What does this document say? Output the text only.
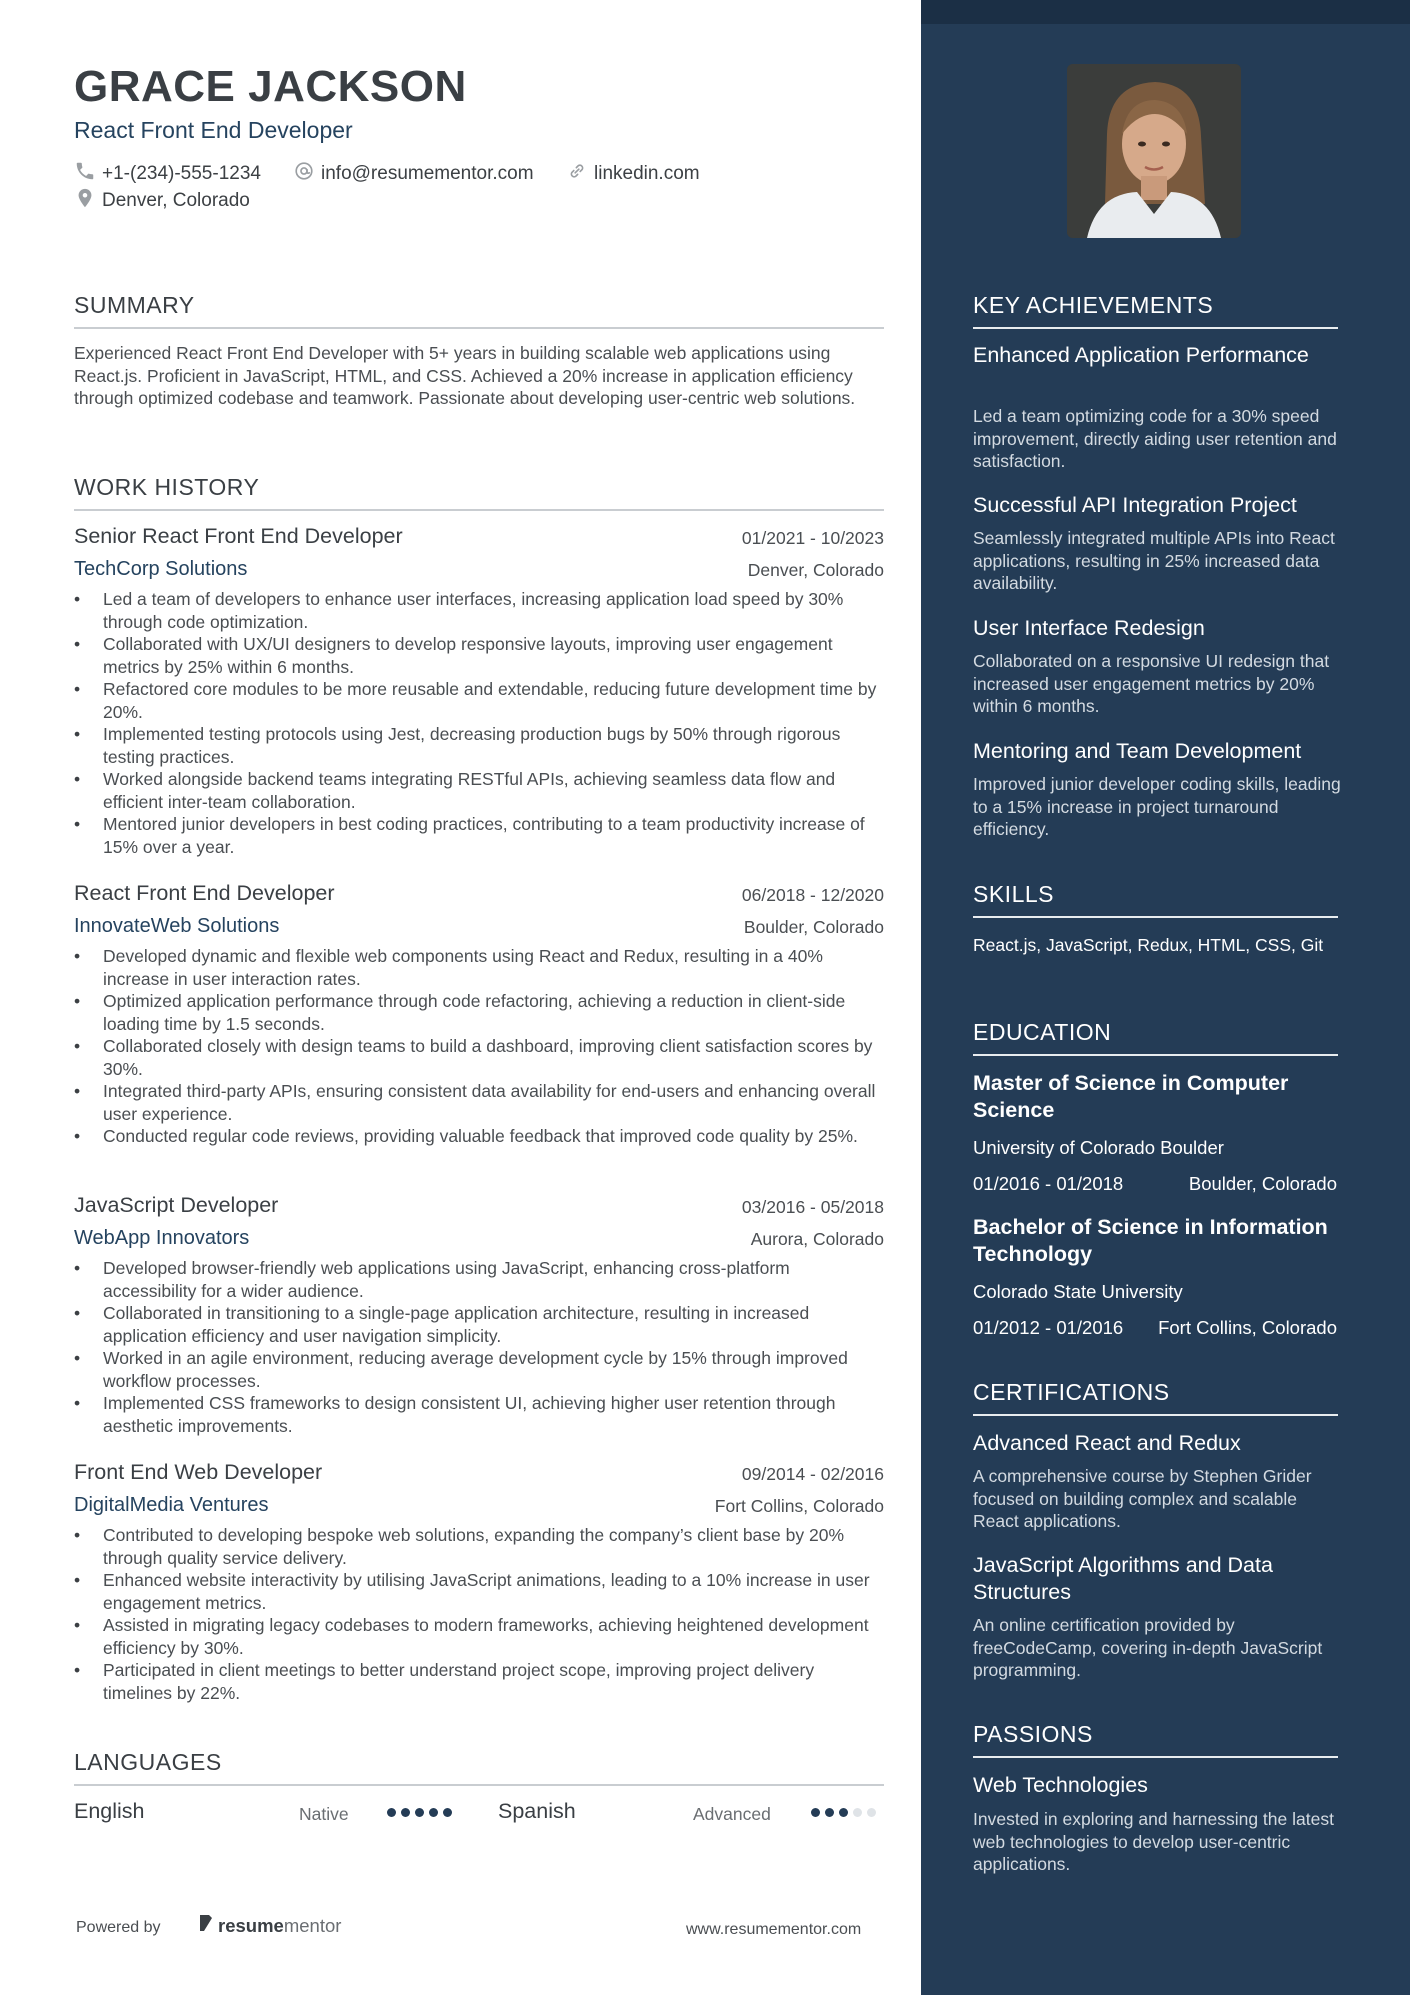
GRACE JACKSON
React Front End Developer
+1-(234)-555-1234	info@resumementor.com	linkedin.com
Denver, Colorado
SUMMARY
Experienced React Front End Developer with 5+ years in building scalable web applications using React.js. Proficient in JavaScript, HTML, and CSS. Achieved a 20% increase in application efficiency through optimized codebase and teamwork. Passionate about developing user-centric web solutions.
WORK HISTORY
Senior React Front End Developer	01/2021 - 10/2023
TechCorp Solutions	Denver, Colorado
• Led a team of developers to enhance user interfaces, increasing application load speed by 30% through code optimization.
• Collaborated with UX/UI designers to develop responsive layouts, improving user engagement metrics by 25% within 6 months.
• Refactored core modules to be more reusable and extendable, reducing future development time by 20%.
• Implemented testing protocols using Jest, decreasing production bugs by 50% through rigorous testing practices.
• Worked alongside backend teams integrating RESTful APIs, achieving seamless data flow and efficient inter-team collaboration.
• Mentored junior developers in best coding practices, contributing to a team productivity increase of 15% over a year.
React Front End Developer	06/2018 - 12/2020
InnovateWeb Solutions	Boulder, Colorado
• Developed dynamic and flexible web components using React and Redux, resulting in a 40% increase in user interaction rates.
• Optimized application performance through code refactoring, achieving a reduction in client-side loading time by 1.5 seconds.
• Collaborated closely with design teams to build a dashboard, improving client satisfaction scores by 30%.
• Integrated third-party APIs, ensuring consistent data availability for end-users and enhancing overall user experience.
• Conducted regular code reviews, providing valuable feedback that improved code quality by 25%.
JavaScript Developer	03/2016 - 05/2018
WebApp Innovators	Aurora, Colorado
• Developed browser-friendly web applications using JavaScript, enhancing cross-platform accessibility for a wider audience.
• Collaborated in transitioning to a single-page application architecture, resulting in increased application efficiency and user navigation simplicity.
• Worked in an agile environment, reducing average development cycle by 15% through improved workflow processes.
• Implemented CSS frameworks to design consistent UI, achieving higher user retention through aesthetic improvements.
Front End Web Developer	09/2014 - 02/2016
DigitalMedia Ventures	Fort Collins, Colorado
• Contributed to developing bespoke web solutions, expanding the company’s client base by 20% through quality service delivery.
• Enhanced website interactivity by utilising JavaScript animations, leading to a 10% increase in user engagement metrics.
• Assisted in migrating legacy codebases to modern frameworks, achieving heightened development efficiency by 30%.
• Participated in client meetings to better understand project scope, improving project delivery timelines by 22%.
LANGUAGES
English	Native	Spanish	Advanced
Powered by	resumementor	www.resumementor.com
KEY ACHIEVEMENTS
Enhanced Application Performance
Led a team optimizing code for a 30% speed improvement, directly aiding user retention and satisfaction.
Successful API Integration Project
Seamlessly integrated multiple APIs into React applications, resulting in 25% increased data availability.
User Interface Redesign
Collaborated on a responsive UI redesign that increased user engagement metrics by 20% within 6 months.
Mentoring and Team Development
Improved junior developer coding skills, leading to a 15% increase in project turnaround efficiency.
SKILLS
React.js, JavaScript, Redux, HTML, CSS, Git
EDUCATION
Master of Science in Computer Science
University of Colorado Boulder
01/2016 - 01/2018	Boulder, Colorado
Bachelor of Science in Information Technology
Colorado State University
01/2012 - 01/2016 Fort Collins, Colorado
CERTIFICATIONS
Advanced React and Redux
A comprehensive course by Stephen Grider focused on building complex and scalable React applications.
JavaScript Algorithms and Data Structures
An online certification provided by freeCodeCamp, covering in-depth JavaScript programming.
PASSIONS
Web Technologies
Invested in exploring and harnessing the latest web technologies to develop user-centric applications.
